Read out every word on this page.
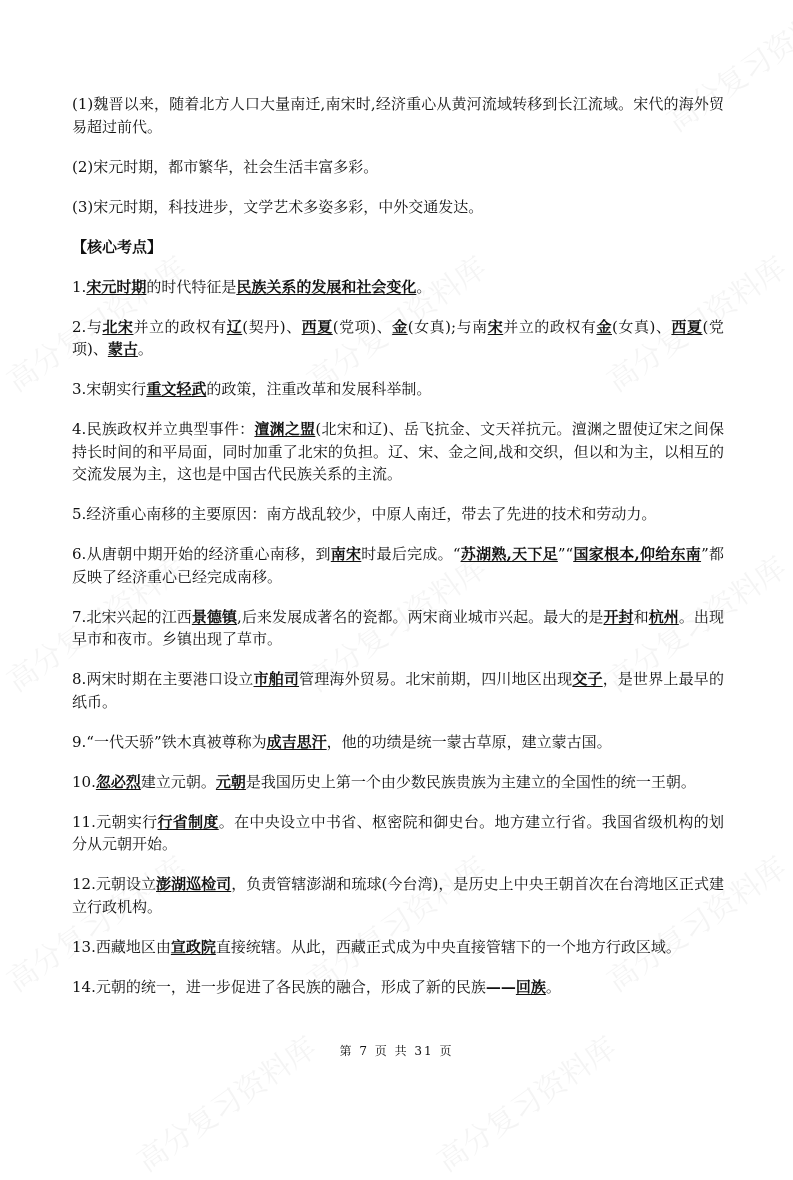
(1)魏晋以来，随着北方人口大量南迁,南宋时,经济重心从黄河流域转移到长江流域。宋代的海外贸易超过前代。

(2)宋元时期，都市繁华，社会生活丰富多彩。

(3)宋元时期，科技进步，文学艺术多姿多彩，中外交通发达。

【核心考点】

1.宋元时期的时代特征是民族关系的发展和社会变化。

2.与北宋并立的政权有辽(契丹)、西夏(党项)、金(女真);与南宋并立的政权有金(女真)、西夏(党项)、蒙古。

3.宋朝实行重文轻武的政策，注重改革和发展科举制。

4.民族政权并立典型事件：澶渊之盟(北宋和辽)、岳飞抗金、文天祥抗元。澶渊之盟使辽宋之间保持长时间的和平局面，同时加重了北宋的负担。辽、宋、金之间,战和交织，但以和为主，以相互的交流发展为主，这也是中国古代民族关系的主流。

5.经济重心南移的主要原因：南方战乱较少，中原人南迁，带去了先进的技术和劳动力。

6.从唐朝中期开始的经济重心南移，到南宋时最后完成。“苏湖熟,天下足”“国家根本,仰给东南”都反映了经济重心已经完成南移。

7.北宋兴起的江西景德镇,后来发展成著名的瓷都。两宋商业城市兴起。最大的是开封和杭州。出现早市和夜市。乡镇出现了草市。

8.两宋时期在主要港口设立市舶司管理海外贸易。北宋前期，四川地区出现交子，是世界上最早的纸币。

9.“一代天骄”铁木真被尊称为成吉思汗，他的功绩是统一蒙古草原，建立蒙古国。

10.忽必烈建立元朝。元朝是我国历史上第一个由少数民族贵族为主建立的全国性的统一王朝。

11.元朝实行行省制度。在中央设立中书省、枢密院和御史台。地方建立行省。我国省级机构的划分从元朝开始。

12.元朝设立澎湖巡检司，负责管辖澎湖和琉球(今台湾)，是历史上中央王朝首次在台湾地区正式建立行政机构。

13.西藏地区由宣政院直接统辖。从此，西藏正式成为中央直接管辖下的一个地方行政区域。

14.元朝的统一，进一步促进了各民族的融合，形成了新的民族——回族。

第 7 页 共 31 页
